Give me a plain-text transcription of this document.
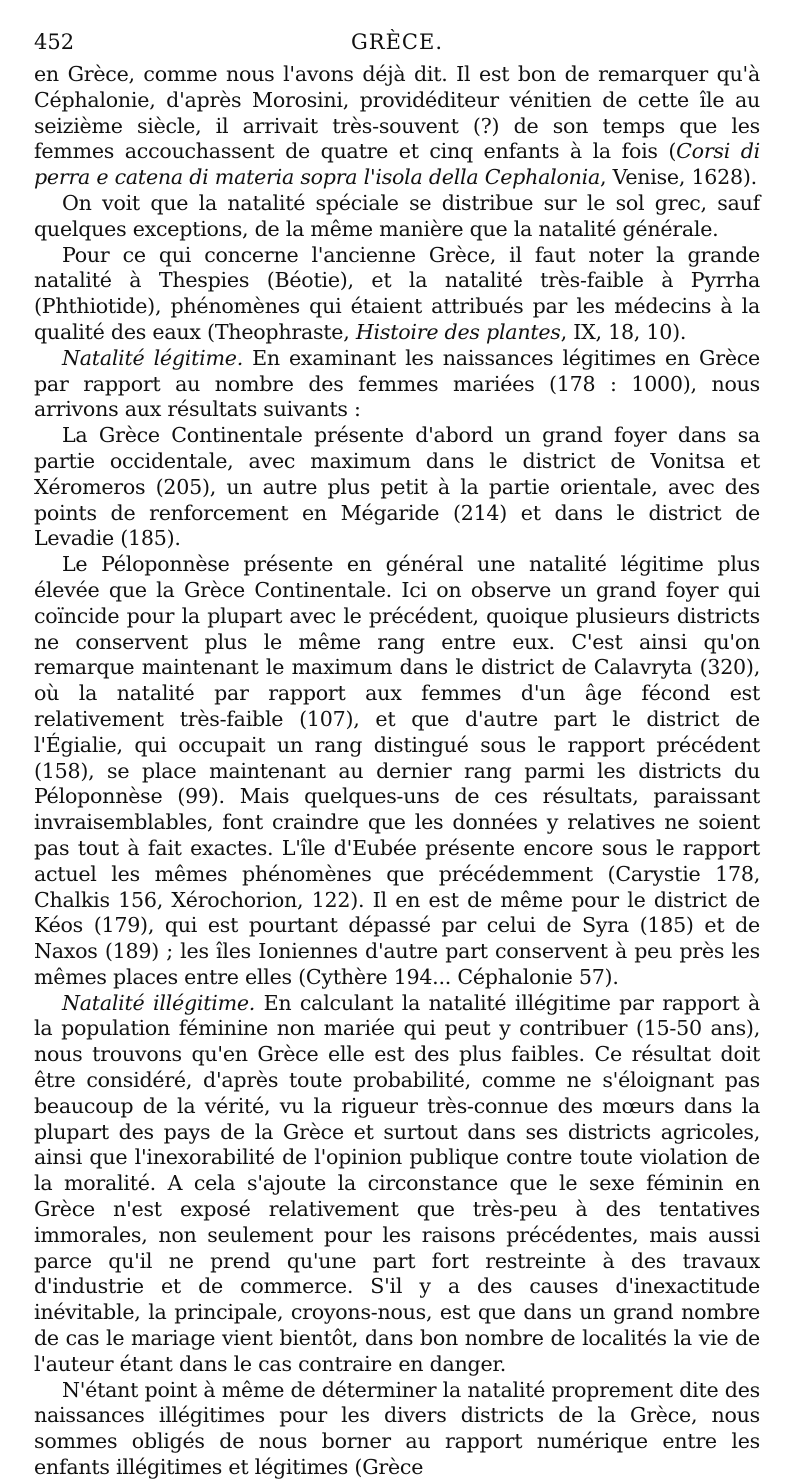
452	GRÈCE.

en Grèce, comme nous l'avons déjà dit. Il est bon de remarquer qu'à Céphalonie, d'après Morosini, providéditeur vénitien de cette île au seizième siècle, il arrivait très-souvent (?) de son temps que les femmes accouchassent de quatre et cinq enfants à la fois (Corsi di perra e catena di materia sopra l'isola della Cephalonia, Venise, 1628).

On voit que la natalité spéciale se distribue sur le sol grec, sauf quelques exceptions, de la même manière que la natalité générale.

Pour ce qui concerne l'ancienne Grèce, il faut noter la grande natalité à Thespies (Béotie), et la natalité très-faible à Pyrrha (Phthiotide), phénomènes qui étaient attribués par les médecins à la qualité des eaux (Theophraste, Histoire des plantes, IX, 18, 10).

Natalité légitime. En examinant les naissances légitimes en Grèce par rapport au nombre des femmes mariées (178 : 1000), nous arrivons aux résultats suivants :

La Grèce Continentale présente d'abord un grand foyer dans sa partie occidentale, avec maximum dans le district de Vonitsa et Xéromeros (205), un autre plus petit à la partie orientale, avec des points de renforcement en Mégaride (214) et dans le district de Levadie (185).

Le Péloponnèse présente en général une natalité légitime plus élevée que la Grèce Continentale. Ici on observe un grand foyer qui coïncide pour la plupart avec le précédent, quoique plusieurs districts ne conservent plus le même rang entre eux. C'est ainsi qu'on remarque maintenant le maximum dans le district de Calavryta (320), où la natalité par rapport aux femmes d'un âge fécond est relativement très-faible (107), et que d'autre part le district de l'Égialie, qui occupait un rang distingué sous le rapport précédent (158), se place maintenant au dernier rang parmi les districts du Péloponnèse (99). Mais quelques-uns de ces résultats, paraissant invraisemblables, font craindre que les données y relatives ne soient pas tout à fait exactes. L'île d'Eubée présente encore sous le rapport actuel les mêmes phénomènes que précédemment (Carystie 178, Chalkis 156, Xérochorion, 122). Il en est de même pour le district de Kéos (179), qui est pourtant dépassé par celui de Syra (185) et de Naxos (189) ; les îles Ioniennes d'autre part conservent à peu près les mêmes places entre elles (Cythère 194... Céphalonie 57).

Natalité illégitime. En calculant la natalité illégitime par rapport à la population féminine non mariée qui peut y contribuer (15-50 ans), nous trouvons qu'en Grèce elle est des plus faibles. Ce résultat doit être considéré, d'après toute probabilité, comme ne s'éloignant pas beaucoup de la vérité, vu la rigueur très-connue des mœurs dans la plupart des pays de la Grèce et surtout dans ses districts agricoles, ainsi que l'inexorabilité de l'opinion publique contre toute violation de la moralité. A cela s'ajoute la circonstance que le sexe féminin en Grèce n'est exposé relativement que très-peu à des tentatives immorales, non seulement pour les raisons précédentes, mais aussi parce qu'il ne prend qu'une part fort restreinte à des travaux d'industrie et de commerce. S'il y a des causes d'inexactitude inévitable, la principale, croyons-nous, est que dans un grand nombre de cas le mariage vient bientôt, dans bon nombre de localités la vie de l'auteur étant dans le cas contraire en danger.

N'étant point à même de déterminer la natalité proprement dite des naissances illégitimes pour les divers districts de la Grèce, nous sommes obligés de nous borner au rapport numérique entre les enfants illégitimes et légitimes (Grèce
